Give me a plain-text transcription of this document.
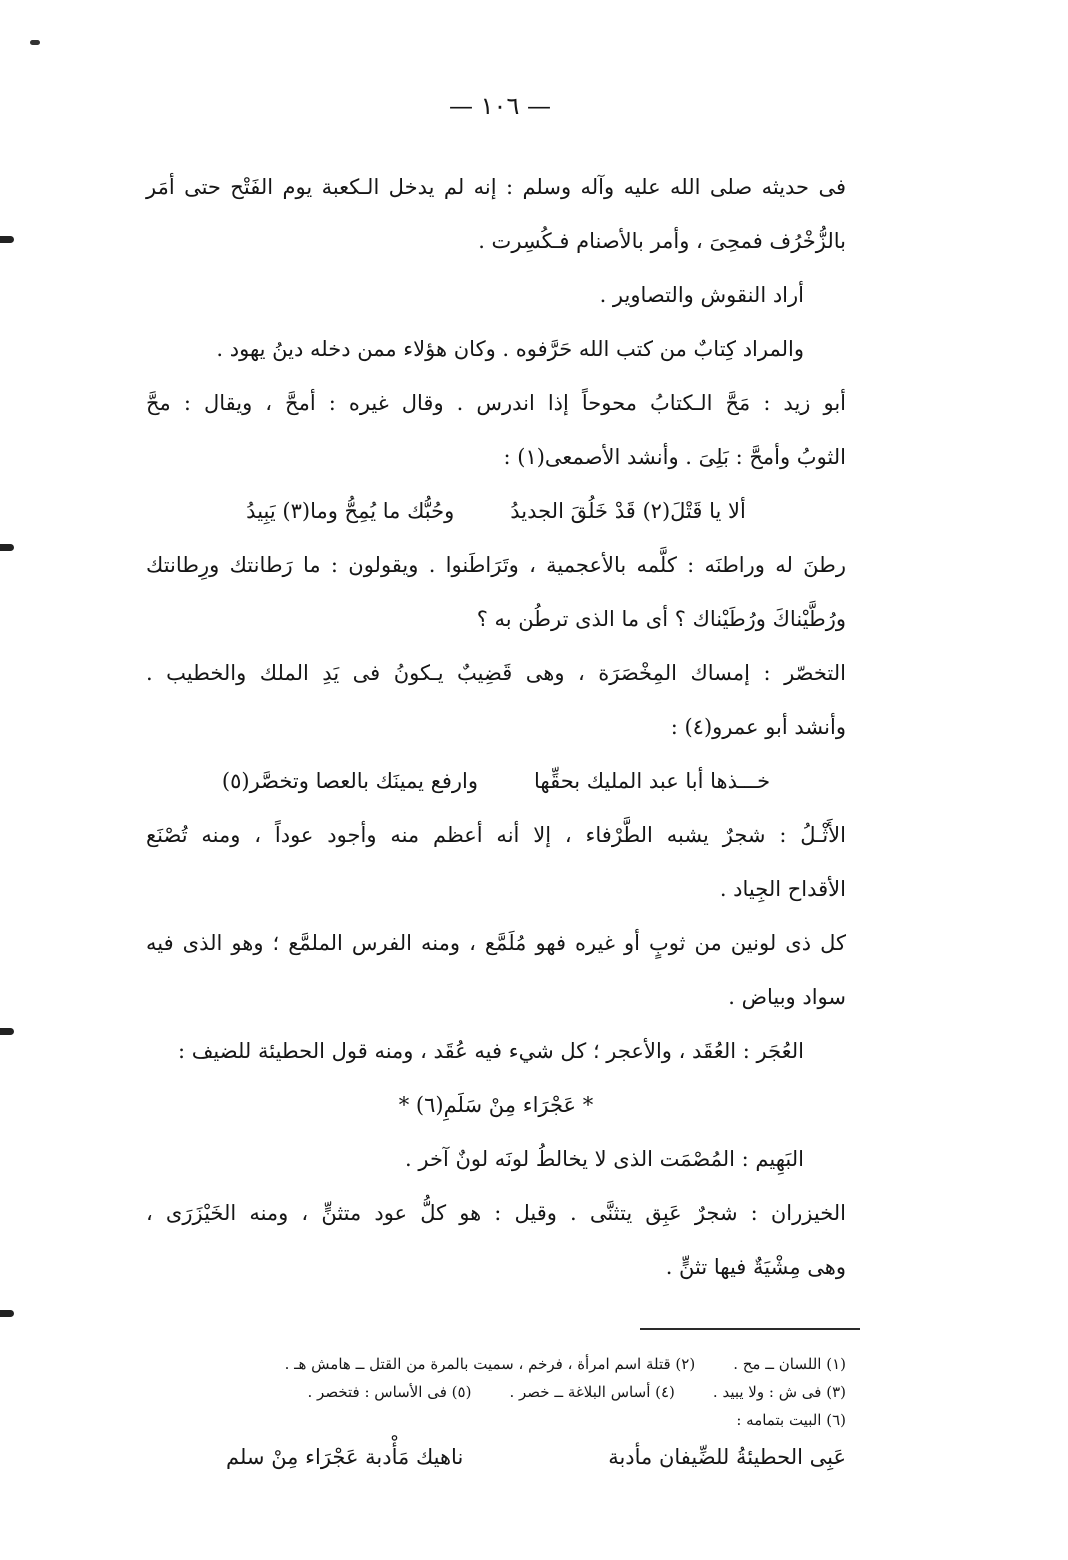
— ١٠٦ —
فى حديثه صلى الله عليه وآله وسلم : إنه لم يدخل الـكعبة يوم الفَتْح حتى أمَر
بالزُّخْرُف فمحِىَ ، وأمر بالأصنام فـكُسِرت .
أراد النقوش والتصاوير .
والمراد كِتابٌ من كتب الله حَرَّفوه . وكان هؤلاء ممن دخله دينُ يهود .
أبو زيد : مَحَّ الـكتابُ محوحاً إذا اندرس . وقال غيره : أمحَّ ، ويقال : محَّ
الثوبُ وأمحَّ : بَلِىَ . وأنشد الأصمعى(١) :
ألا يا قَتْلَ(٢) قَدْ خَلُقَ الجديدُ
وحُبُّك ما يُمِحُّ وما(٣) يَبِيدُ
رطنَ له وراطنَه : كلَّمه بالأعجمية ، وتَرَاطَنوا . ويقولون : ما رَطانتك ورِطانتك
ورُطَّيْناكَ ورُطَيْناك ؟ أى ما الذى ترطُن به ؟
التخصّر : إمساك المِخْصَرَة ، وهى قَضِيبٌ يـكونُ فى يَدِ الملك والخطيب .
وأنشد أبو عمرو(٤) :
خـــذها أبا عبد المليك بحقِّها
وارفع يمينَك بالعصا وتخصَّر(٥)
الأَثْـلُ : شجرٌ يشبه الطَّرْفاء ، إلا أنه أعظم منه وأجود عوداً ، ومنه تُصْنَع
الأقداح الجِياد .
كل ذى لونين من ثوبٍ أو غيره فهو مُلَمَّع ، ومنه الفرس الملمَّع ؛ وهو الذى فيه
سواد وبياض .
العُجَر : العُقَد ، والأعجر ؛ كل شيء فيه عُقَد ، ومنه قول الحطيئة للضيف :
* عَجْرَاء مِنْ سَلَمِ(٦) *
البَهِيم : المُصْمَت الذى لا يخالطُ لونَه لونٌ آخر .
الخيزران : شجرٌ عَبِق يتثنَّى . وقيل : هو كلُّ عود متثنٍّ ، ومنه الخَيْزَرَى ،
وهى مِشْيَةٌ فيها تثنٍّ .
(١) اللسان ــ مح .
(٢) قتلة اسم امرأة ، فرخم ، سميت بالمرة من القتل ــ هامش هـ .
(٣) فى ش : ولا يبيد .
(٤) أساس البلاغة ــ خصر .
(٥) فى الأساس : فتخصر .
(٦) البيت بتمامه :
عَبِى الحطيئةُ للضِّيفان مأدبة
ناهيك مَأْدبة عَجْرَاء مِنْ سلم
